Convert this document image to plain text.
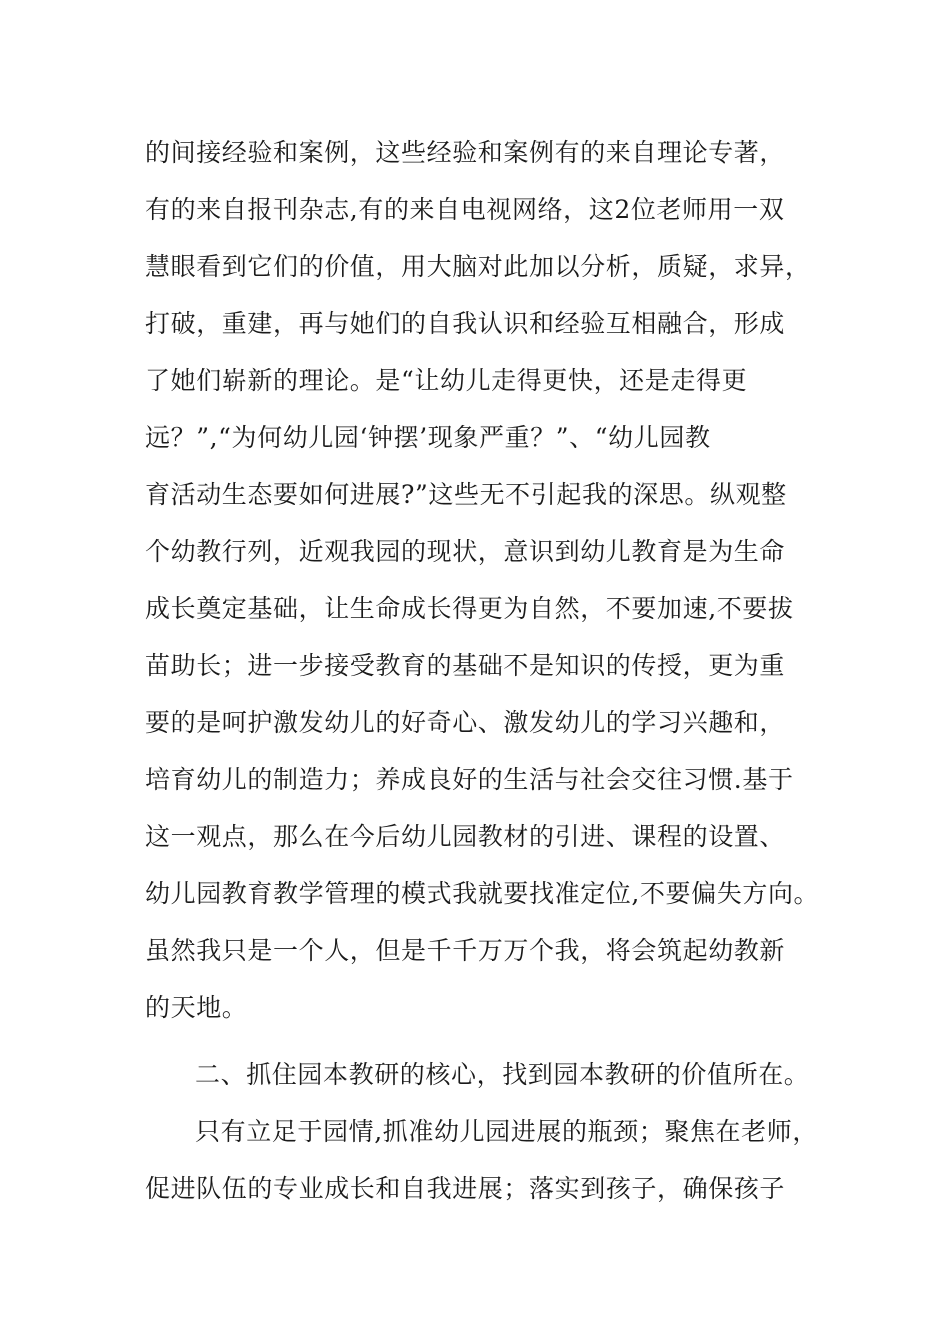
的间接经验和案例，这些经验和案例有的来自理论专著，
有的来自报刊杂志,有的来自电视网络，这2位老师用一双
慧眼看到它们的价值，用大脑对此加以分析，质疑，求异，
打破，重建，再与她们的自我认识和经验互相融合，形成
了她们崭新的理论。是“让幼儿走得更快，还是走得更
远？”,“为何幼儿园‘钟摆’现象严重？”、“幼儿园教
育活动生态要如何进展?”这些无不引起我的深思。纵观整
个幼教行列，近观我园的现状，意识到幼儿教育是为生命
成长奠定基础，让生命成长得更为自然，不要加速,不要拔
苗助长；进一步接受教育的基础不是知识的传授，更为重
要的是呵护激发幼儿的好奇心、激发幼儿的学习兴趣和，
培育幼儿的制造力；养成良好的生活与社会交往习惯.基于
这一观点，那么在今后幼儿园教材的引进、课程的设置、
幼儿园教育教学管理的模式我就要找准定位,不要偏失方向。
虽然我只是一个人，但是千千万万个我，将会筑起幼教新
的天地。
二、抓住园本教研的核心，找到园本教研的价值所在。
只有立足于园情,抓准幼儿园进展的瓶颈；聚焦在老师，
促进队伍的专业成长和自我进展；落实到孩子，确保孩子
